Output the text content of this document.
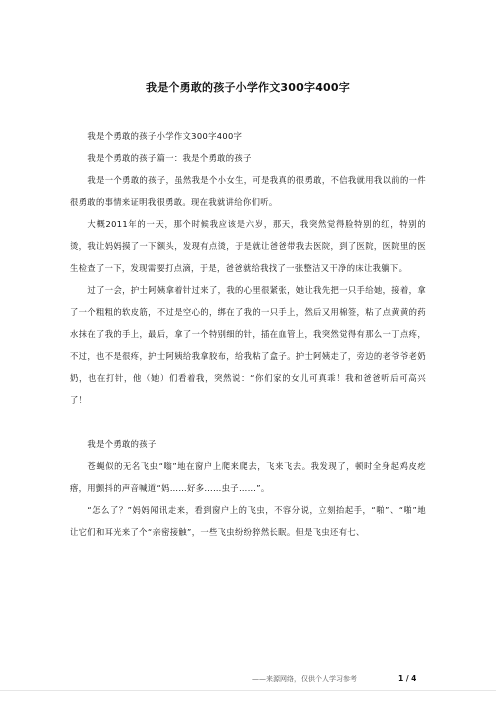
我是个勇敢的孩子小学作文300字400字

我是个勇敢的孩子小学作文300字400字

我是个勇敢的孩子篇一：我是个勇敢的孩子

我是一个勇敢的孩子，虽然我是个小女生，可是我真的很勇敢，不信我就用我以前的一件很勇敢的事情来证明我很勇敢。现在我就讲给你们听。

大概2011年的一天，那个时候我应该是六岁，那天，我突然觉得脸特别的红，特别的烫，我让妈妈摸了一下额头，发现有点烫，于是就让爸爸带我去医院，到了医院，医院里的医生检查了一下，发现需要打点滴，于是，爸爸就给我找了一张整洁又干净的床让我躺下。

过了一会，护士阿姨拿着针过来了，我的心里很紧张，她让我先把一只手给她，接着，拿了一个粗粗的软皮筋，不过是空心的，绑在了我的一只手上，然后又用棉签，粘了点黄黄的药水抹在了我的手上，最后，拿了一个特别细的针，插在血管上，我突然觉得有那么一丁点疼，不过，也不是很疼，护士阿姨给我拿胶布，给我粘了盒子。护士阿姨走了，旁边的老爷爷老奶奶，也在打针，他（她）们看着我，突然说：“你们家的女儿可真乖！我和爸爸听后可高兴了！

我是个勇敢的孩子

苍蝇似的无名飞虫“嗡”地在窗户上爬来爬去，飞来飞去。我发现了，顿时全身起鸡皮疙瘩，用颤抖的声音喊道“妈……好多……虫子……”。

“怎么了？”妈妈闻讯走来，看到窗户上的飞虫，不容分说，立刻抬起手，“啪”、“啪”地让它们和耳光来了个“亲密接触”，一些飞虫纷纷猝然长眠。但是飞虫还有七、

——来源网络，仅供个人学习参考	1 / 4
